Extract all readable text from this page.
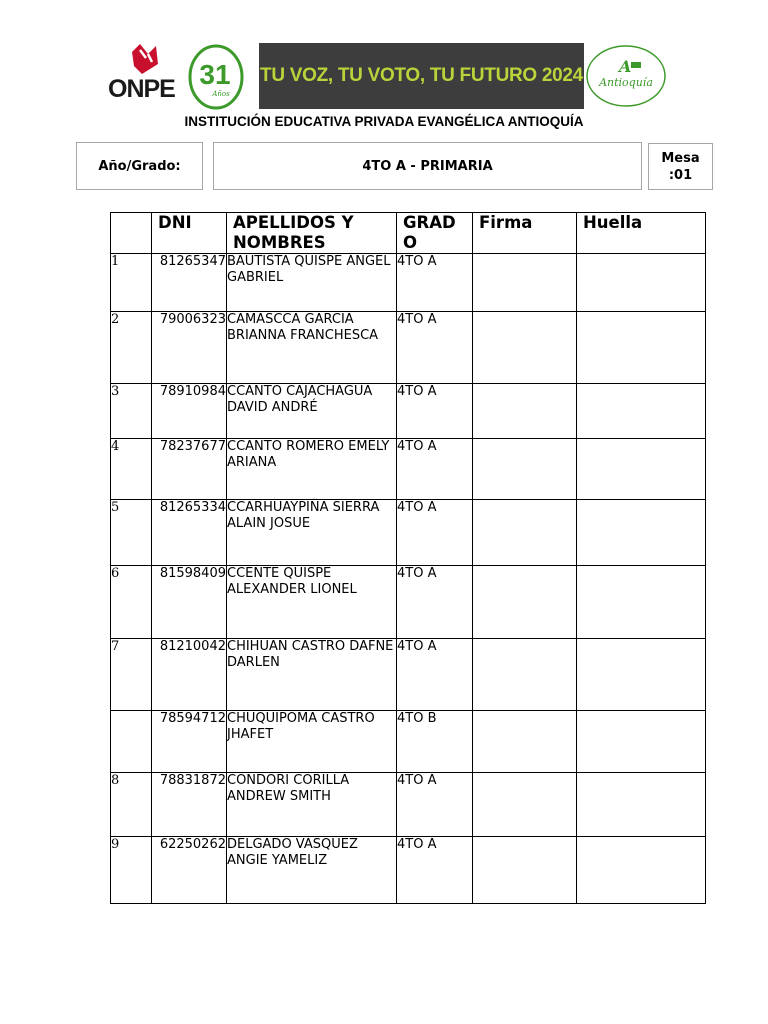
ONPE 31
Años
TU VOZ, TU VOTO, TU FUTURO 2024 A
Antioquía
INSTITUCIÓN EDUCATIVA PRIVADA EVANGÉLICA ANTIOQUÍA
Año/Grado:	4TO A - PRIMARIA
Mesa
:01
	DNI	APELLIDOS Y NOMBRES	GRADO	Firma	Huella
1	81265347	BAUTISTA QUISPE ANGEL GABRIEL	4TO A		
2	79006323	CAMASCCA GARCIA BRIANNA FRANCHESCA	4TO A		
3	78910984	CCANTO CAJACHAGUA DAVID ANDRÉ	4TO A		
4	78237677	CCANTO ROMERO EMELY ARIANA	4TO A		
5	81265334	CCARHUAYPIÑA SIERRA ALAIN JOSUE	4TO A		
6	81598409	CCENTE QUISPE ALEXANDER LIONEL	4TO A		
7	81210042	CHIHUAN CASTRO DAFNE DARLEN	4TO A		
	78594712	CHUQUIPOMA CASTRO JHAFET	4TO B		
8	78831872	CONDORI CORILLA ANDREW SMITH	4TO A		
9	62250262	DELGADO VASQUEZ ANGIE YAMELIZ	4TO A		
